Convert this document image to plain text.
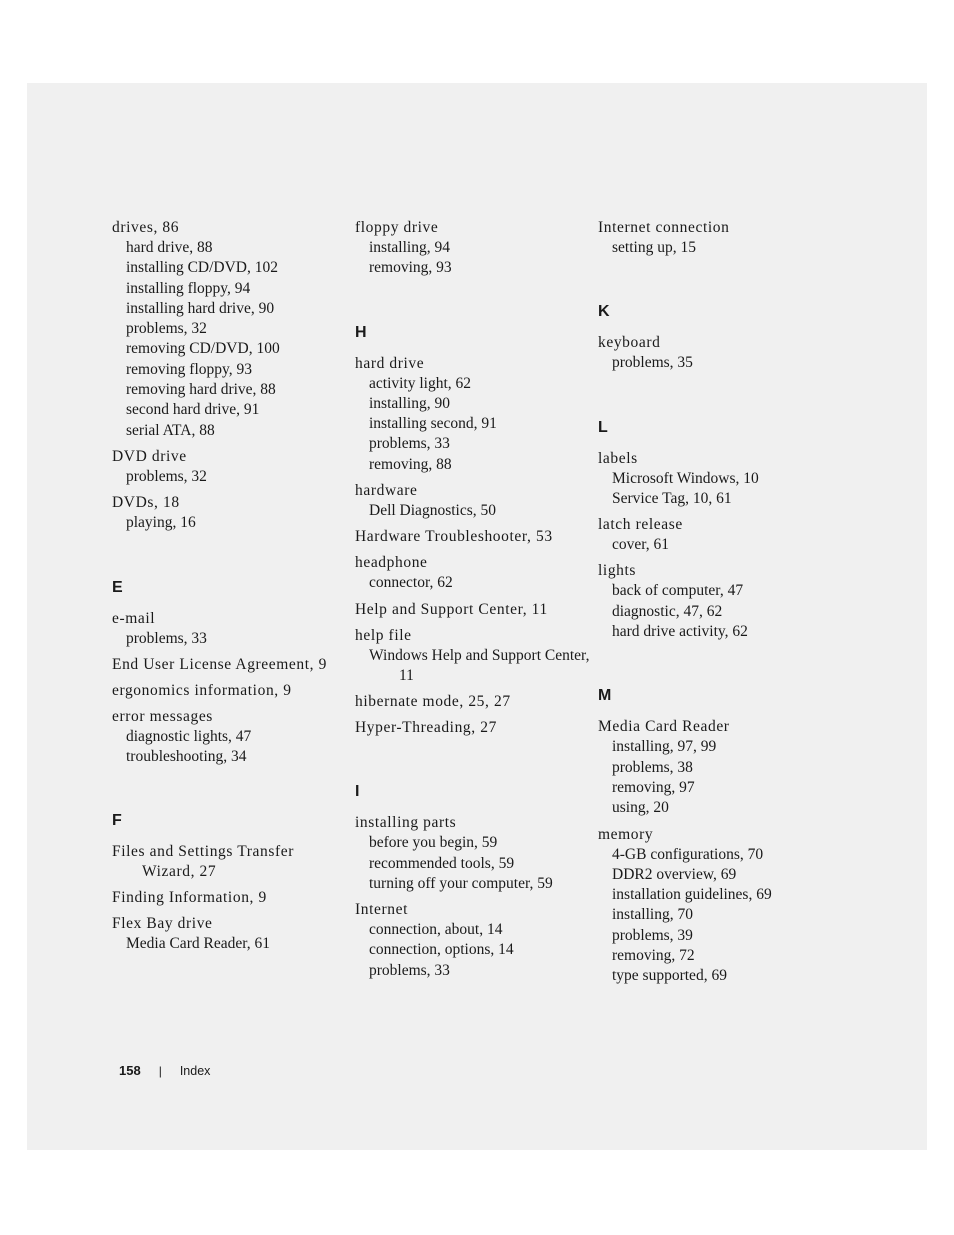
drives, 86
hard drive, 88
installing CD/DVD, 102
installing floppy, 94
installing hard drive, 90
problems, 32
removing CD/DVD, 100
removing floppy, 93
removing hard drive, 88
second hard drive, 91
serial ATA, 88
DVD drive
problems, 32
DVDs, 18
playing, 16
E
e-mail
problems, 33
End User License Agreement, 9
ergonomics information, 9
error messages
diagnostic lights, 47
troubleshooting, 34
F
Files and Settings Transfer Wizard, 27
Finding Information, 9
Flex Bay drive
Media Card Reader, 61
floppy drive
installing, 94
removing, 93
H
hard drive
activity light, 62
installing, 90
installing second, 91
problems, 33
removing, 88
hardware
Dell Diagnostics, 50
Hardware Troubleshooter, 53
headphone
connector, 62
Help and Support Center, 11
help file
Windows Help and Support Center, 11
hibernate mode, 25, 27
Hyper-Threading, 27
I
installing parts
before you begin, 59
recommended tools, 59
turning off your computer, 59
Internet
connection, about, 14
connection, options, 14
problems, 33
Internet connection
setting up, 15
K
keyboard
problems, 35
L
labels
Microsoft Windows, 10
Service Tag, 10, 61
latch release
cover, 61
lights
back of computer, 47
diagnostic, 47, 62
hard drive activity, 62
M
Media Card Reader
installing, 97, 99
problems, 38
removing, 97
using, 20
memory
4-GB configurations, 70
DDR2 overview, 69
installation guidelines, 69
installing, 70
problems, 39
removing, 72
type supported, 69
158 | Index
